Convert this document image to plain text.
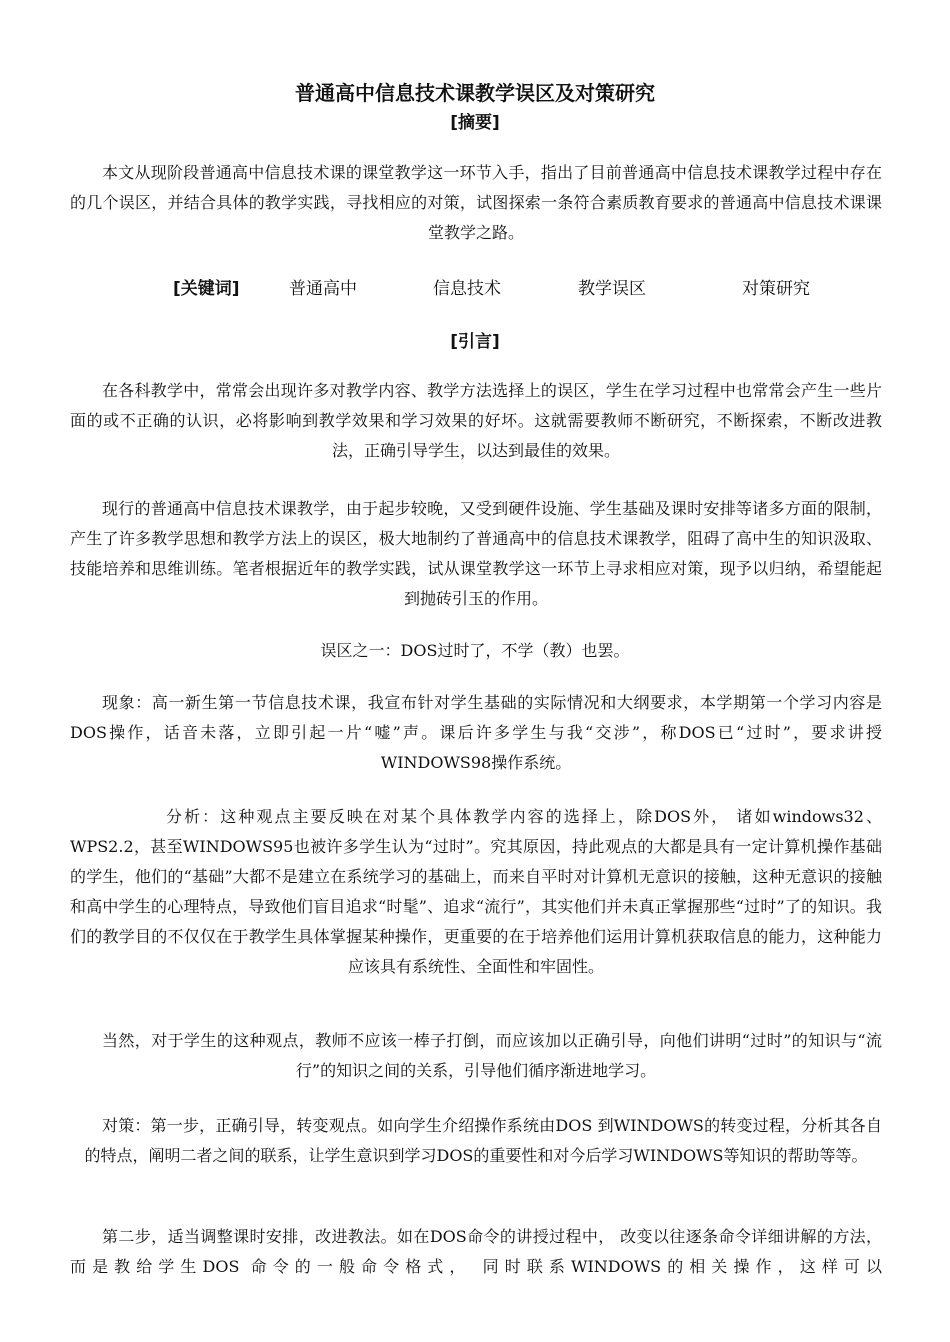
普通高中信息技术课教学误区及对策研究
[摘要]
本文从现阶段普通高中信息技术课的课堂教学这一环节入手，指出了目前普通高中信息技术课教学过程中存在的几个误区，并结合具体的教学实践，寻找相应的对策，试图探索一条符合素质教育要求的普通高中信息技术课课堂教学之路。
[关键词]	普通高中	信息技术	教学误区	对策研究
[引言]
在各科教学中，常常会出现许多对教学内容、教学方法选择上的误区，学生在学习过程中也常常会产生一些片面的或不正确的认识，必将影响到教学效果和学习效果的好坏。这就需要教师不断研究，不断探索，不断改进教法，正确引导学生，以达到最佳的效果。
现行的普通高中信息技术课教学，由于起步较晚，又受到硬件设施、学生基础及课时安排等诸多方面的限制，产生了许多教学思想和教学方法上的误区，极大地制约了普通高中的信息技术课教学，阻碍了高中生的知识汲取、技能培养和思维训练。笔者根据近年的教学实践，试从课堂教学这一环节上寻求相应对策，现予以归纳，希望能起到抛砖引玉的作用。
误区之一：DOS过时了，不学（教）也罢。
现象：高一新生第一节信息技术课，我宣布针对学生基础的实际情况和大纲要求，本学期第一个学习内容是DOS操作，话音未落，立即引起一片“嘘”声。课后许多学生与我“交涉”，称DOS已“过时”，要求讲授WINDOWS98操作系统。
分析：这种观点主要反映在对某个具体教学内容的选择上，除DOS外， 诸如windows32、WPS2.2，甚至WINDOWS95也被许多学生认为“过时”。究其原因，持此观点的大都是具有一定计算机操作基础的学生，他们的“基础”大都不是建立在系统学习的基础上，而来自平时对计算机无意识的接触，这种无意识的接触和高中学生的心理特点，导致他们盲目追求“时髦”、追求“流行”，其实他们并未真正掌握那些“过时”了的知识。我们的教学目的不仅仅在于教学生具体掌握某种操作，更重要的在于培养他们运用计算机获取信息的能力，这种能力应该具有系统性、全面性和牢固性。
当然，对于学生的这种观点，教师不应该一棒子打倒，而应该加以正确引导，向他们讲明“过时”的知识与“流行”的知识之间的关系，引导他们循序渐进地学习。
对策：第一步，正确引导，转变观点。如向学生介绍操作系统由DOS 到WINDOWS的转变过程，分析其各自的特点，阐明二者之间的联系，让学生意识到学习DOS的重要性和对今后学习WINDOWS等知识的帮助等等。
第二步，适当调整课时安排，改进教法。如在DOS命令的讲授过程中， 改变以往逐条命令详细讲解的方法， 而是教给学生DOS 命令的一般命令格式， 同时联系WINDOWS的相关操作，这样可以
